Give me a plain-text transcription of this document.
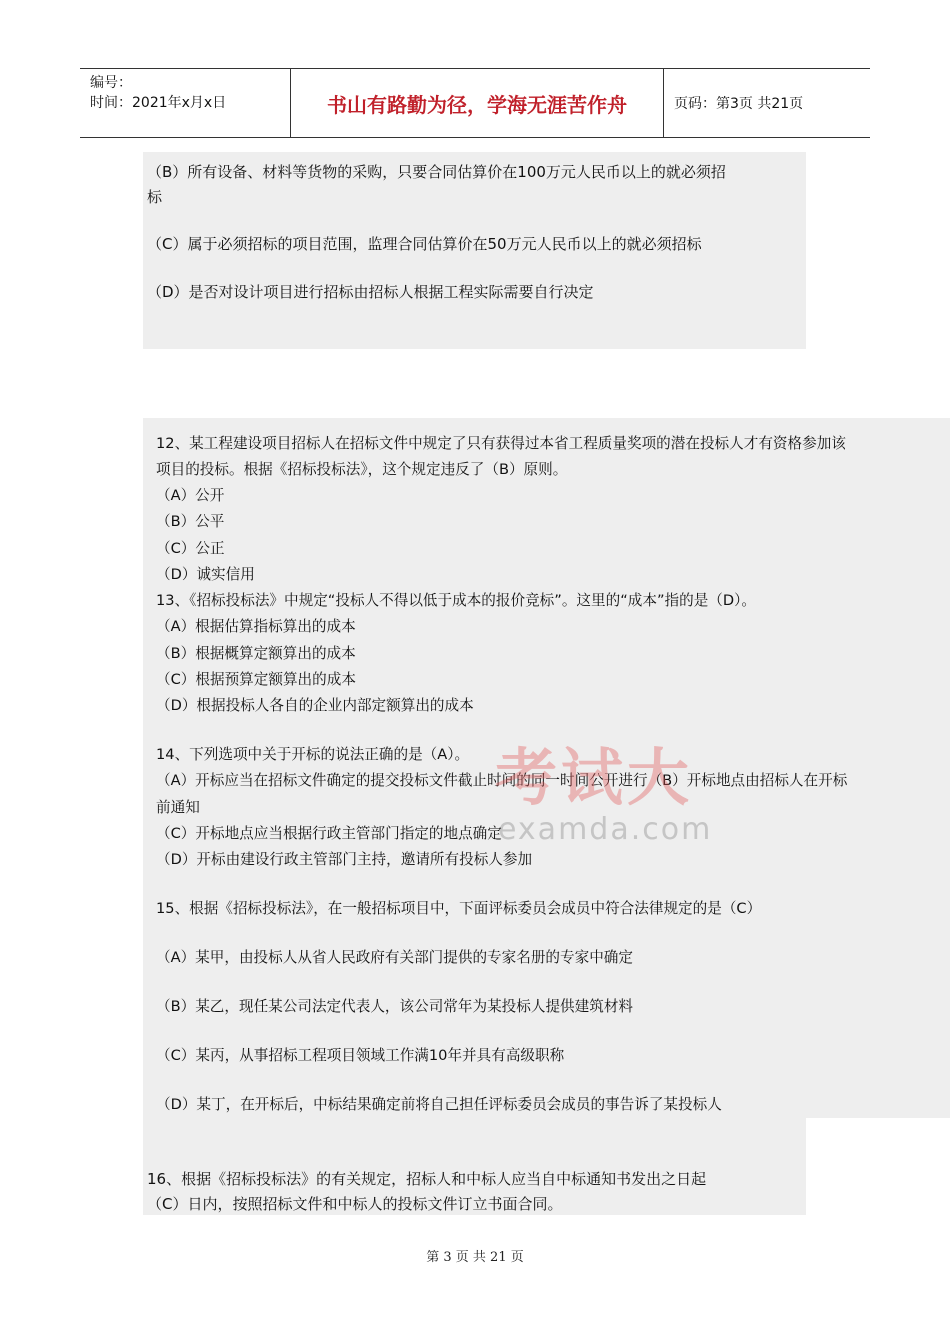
编号：
时间：2021年x月x日	书山有路勤为径，学海无涯苦作舟	页码：第3页 共21页
（B）所有设备、材料等货物的采购，只要合同估算价在100万元人民币以上的就必须招
标
（C）属于必须招标的项目范围，监理合同估算价在50万元人民币以上的就必须招标
（D）是否对设计项目进行招标由招标人根据工程实际需要自行决定
12、某工程建设项目招标人在招标文件中规定了只有获得过本省工程质量奖项的潜在投标人才有资格参加该
项目的投标。根据《招标投标法》，这个规定违反了（B）原则。
（A）公开
（B）公平
（C）公正
（D）诚实信用
13、《招标投标法》中规定“投标人不得以低于成本的报价竞标”。这里的“成本”指的是（D）。
（A）根据估算指标算出的成本
（B）根据概算定额算出的成本
（C）根据预算定额算出的成本
（D）根据投标人各自的企业内部定额算出的成本
14、下列选项中关于开标的说法正确的是（A）。
（A）开标应当在招标文件确定的提交投标文件截止时间的同一时间公开进行（B）开标地点由招标人在开标
前通知
（C）开标地点应当根据行政主管部门指定的地点确定
（D）开标由建设行政主管部门主持，邀请所有投标人参加
15、根据《招标投标法》，在一般招标项目中，下面评标委员会成员中符合法律规定的是（C）
（A）某甲，由投标人从省人民政府有关部门提供的专家名册的专家中确定
（B）某乙，现任某公司法定代表人，该公司常年为某投标人提供建筑材料
（C）某丙，从事招标工程项目领域工作满10年并具有高级职称
（D）某丁，在开标后，中标结果确定前将自己担任评标委员会成员的事告诉了某投标人
16、根据《招标投标法》的有关规定，招标人和中标人应当自中标通知书发出之日起
（C）日内，按照招标文件和中标人的投标文件订立书面合同。
考试大
examda.com
第 3 页 共 21 页
